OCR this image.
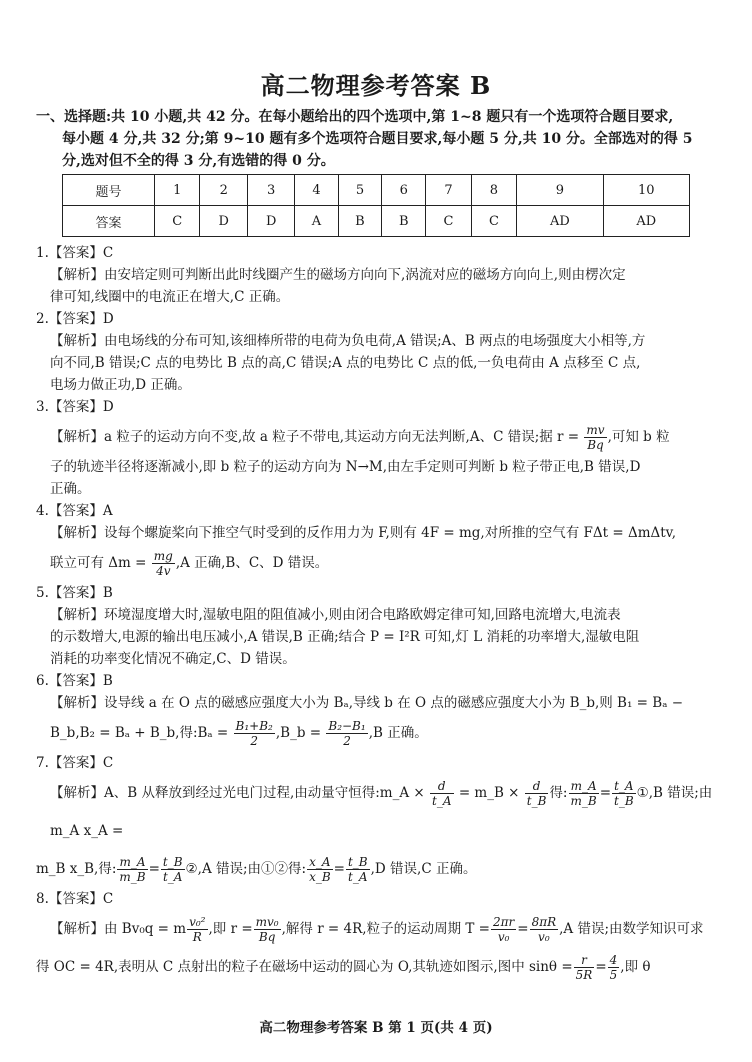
高二物理参考答案 B
一、选择题:共 10 小题,共 42 分。在每小题给出的四个选项中,第 1~8 题只有一个选项符合题目要求,
每小题 4 分,共 32 分;第 9~10 题有多个选项符合题目要求,每小题 5 分,共 10 分。全部选对的得 5
分,选对但不全的得 3 分,有选错的得 0 分。
题号	1	2	3	4	5	6	7	8	9	10
答案	C	D	D	A	B	B	C	C	AD	AD
1.【答案】C
【解析】由安培定则可判断出此时线圈产生的磁场方向向下,涡流对应的磁场方向向上,则由楞次定
律可知,线圈中的电流正在增大,C 正确。
2.【答案】D
【解析】由电场线的分布可知,该细棒所带的电荷为负电荷,A 错误;A、B 两点的电场强度大小相等,方
向不同,B 错误;C 点的电势比 B 点的高,C 错误;A 点的电势比 C 点的低,一负电荷由 A 点移至 C 点,
电场力做正功,D 正确。
3.【答案】D
【解析】a 粒子的运动方向不变,故 a 粒子不带电,其运动方向无法判断,A、C 错误;据 $r = \frac{mv}{Bq}$ ,可知 b 粒
子的轨迹半径将逐渐减小,即 b 粒子的运动方向为 N→M,由左手定则可判断 b 粒子带正电,B 错误,D
正确。
4.【答案】A
【解析】设每个螺旋桨向下推空气时受到的反作用力为 F,则有 4F = mg,对所推的空气有 FΔt = ΔmΔtv,
联立可有 $\Delta m = \frac{mg}{4v} ,A$ 正确,B、C、D 错误。
5.【答案】B
【解析】环境湿度增大时,湿敏电阻的阻值减小,则由闭合电路欧姆定律可知,回路电流增大,电流表
的示数增大,电源的输出电压减小,A 错误,B 正确;结合 P = I²R 可知,灯 L 消耗的功率增大,湿敏电阻
消耗的功率变化情况不确定,C、D 错误。
6.【答案】B
【解析】设导线 a 在 O 点的磁感应强度大小为 Bₐ,导线 b 在 O 点的磁感应强度大小为 B_b,则 B₁ = Bₐ −
B_b,B₂ = Bₐ + B_b,得:Bₐ = $\frac{\text{B₁+B₂}}{2}$ ,B_b = $\frac{\text{B₂−B₁}}{2} ,B$ 正确。
7.【答案】C
【解析】A、B 从释放到经过光电门过程,由动量守恒得:m_A × $\frac{d}{t\_A}$ = m_B × $\frac{d}{t\_B}$ 得: $\frac{m\_A}{m\_B} = \frac{t\_A}{t\_B}$ ①,B 错误;由 m_A x_A =
m_B x_B,得: $\frac{m\_A}{m\_B} = \frac{t\_B}{t\_A}$ ②,A 错误;由①②得: $\frac{x\_A}{x\_B} = \frac{t\_B}{t\_A} ,D$ 错误,C 正确。
8.【答案】C
【解析】由 Bv₀q = m $\frac{\text{v₀²}}{R}$ ,即 $r = \frac{\text{mv₀}}{Bq}$ ,解得 r = 4R,粒子的运动周期 $T = \frac{2\pi r}{\text{v₀}} = \frac{8\pi R}{\text{v₀}} ,A$ 错误;由数学知识可求
得 OC = 4R,表明从 C 点射出的粒子在磁场中运动的圆心为 O,其轨迹如图示,图中 $\sin\theta = \frac{r}{5R} = \frac{4}{5}$ ,即 θ
高二物理参考答案 B 第 1 页(共 4 页)
